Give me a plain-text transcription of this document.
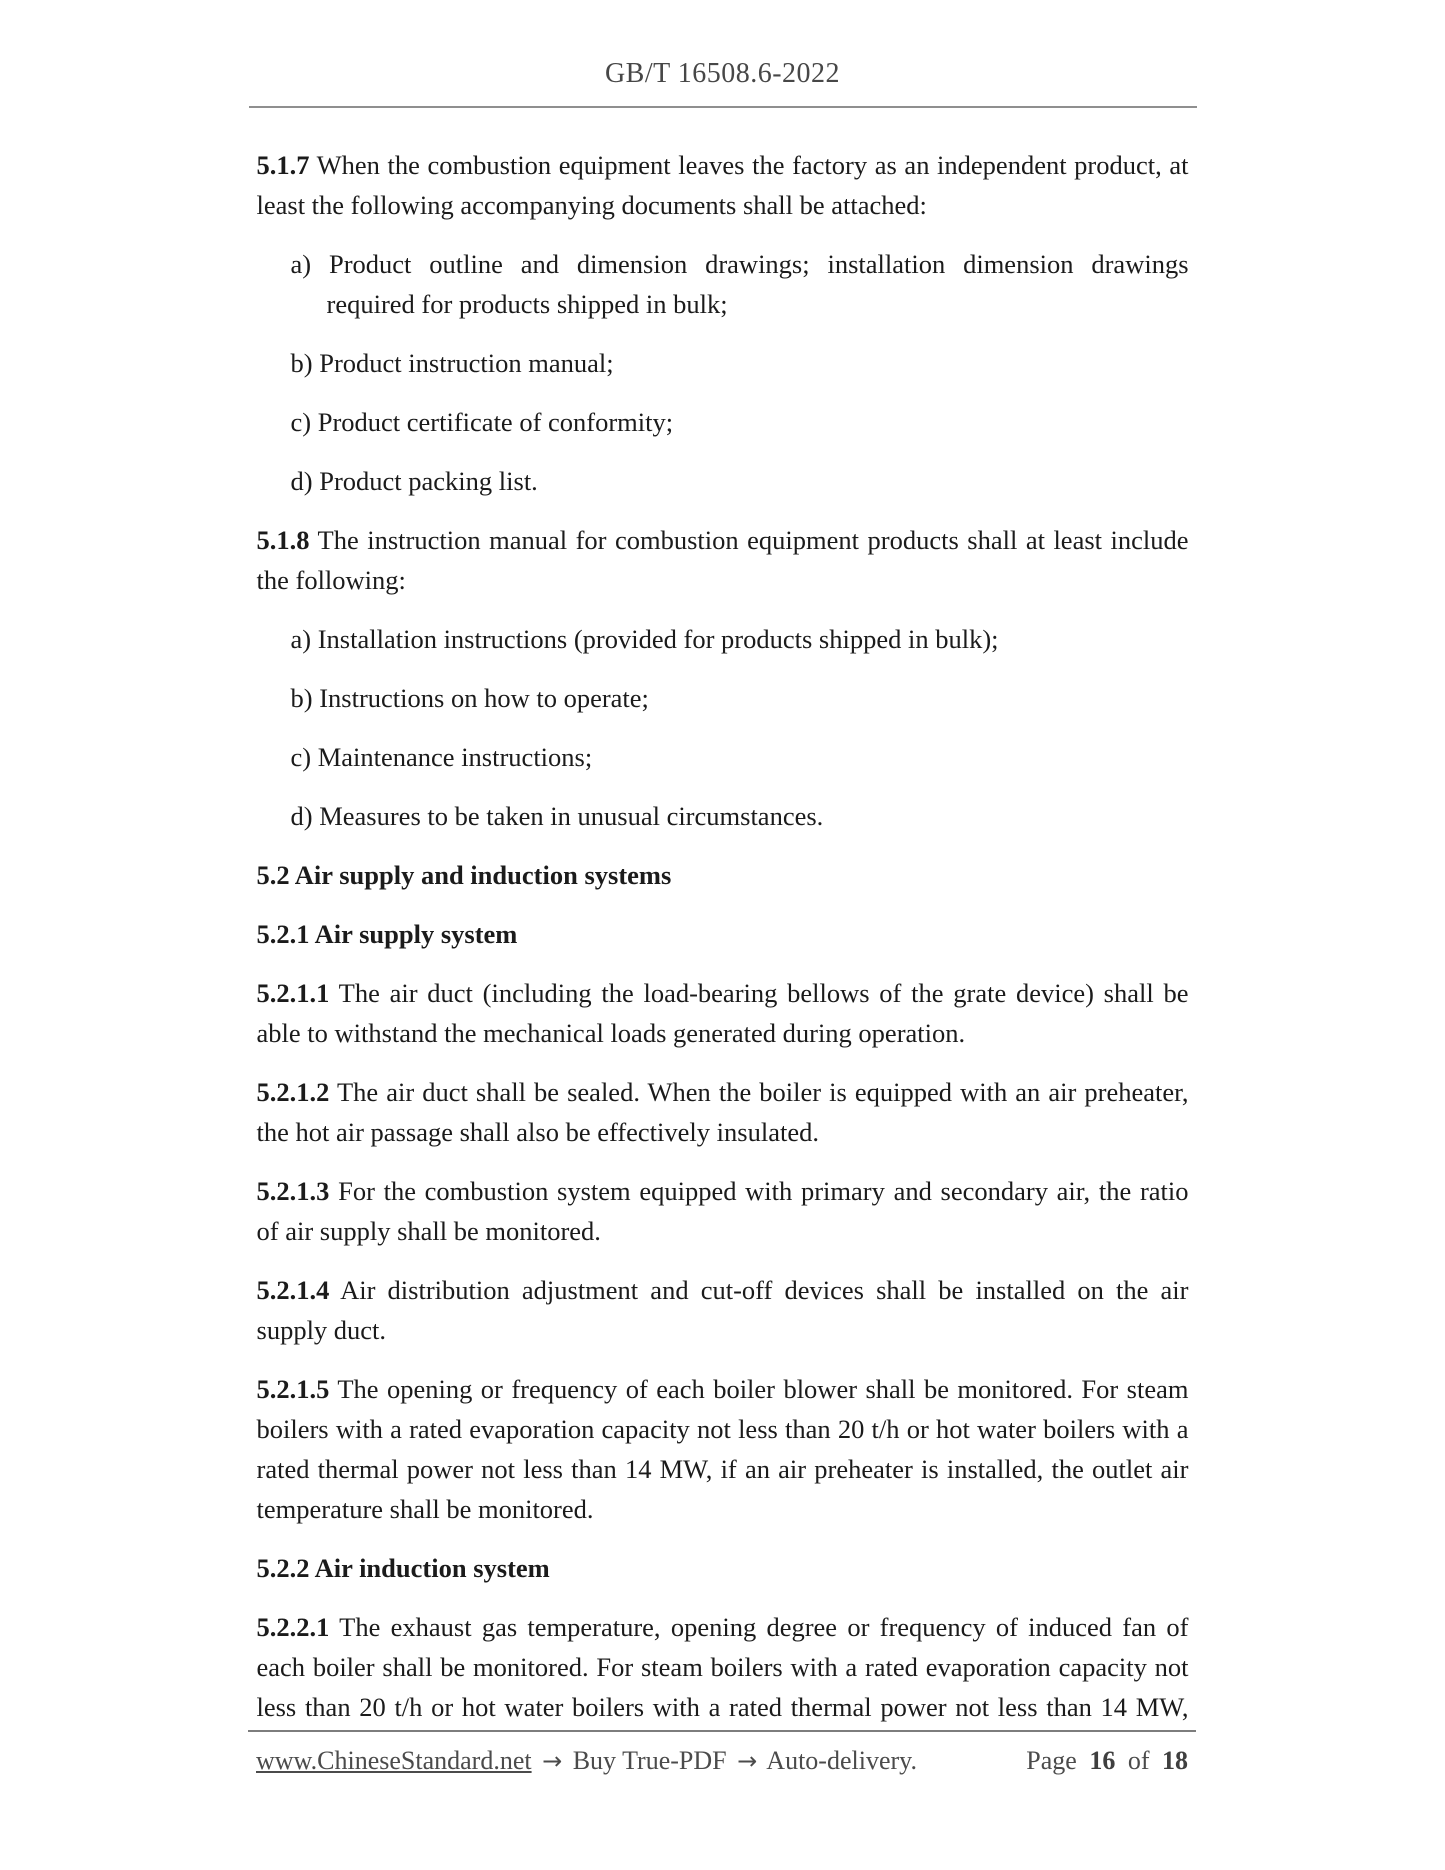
GB/T 16508.6-2022

5.1.7 When the combustion equipment leaves the factory as an independent product, at least the following accompanying documents shall be attached:

a) Product outline and dimension drawings; installation dimension drawings required for products shipped in bulk;

b) Product instruction manual;

c) Product certificate of conformity;

d) Product packing list.

5.1.8 The instruction manual for combustion equipment products shall at least include the following:

a) Installation instructions (provided for products shipped in bulk);

b) Instructions on how to operate;

c) Maintenance instructions;

d) Measures to be taken in unusual circumstances.

5.2 Air supply and induction systems
5.2.1 Air supply system

5.2.1.1 The air duct (including the load-bearing bellows of the grate device) shall be able to withstand the mechanical loads generated during operation.

5.2.1.2 The air duct shall be sealed. When the boiler is equipped with an air preheater, the hot air passage shall also be effectively insulated.

5.2.1.3 For the combustion system equipped with primary and secondary air, the ratio of air supply shall be monitored.

5.2.1.4 Air distribution adjustment and cut-off devices shall be installed on the air supply duct.

5.2.1.5 The opening or frequency of each boiler blower shall be monitored. For steam boilers with a rated evaporation capacity not less than 20 t/h or hot water boilers with a rated thermal power not less than 14 MW, if an air preheater is installed, the outlet air temperature shall be monitored.

5.2.2 Air induction system

5.2.2.1 The exhaust gas temperature, opening degree or frequency of induced fan of each boiler shall be monitored. For steam boilers with a rated evaporation capacity not less than 20 t/h or hot water boilers with a rated thermal power not less than 14 MW,

www.ChineseStandard.net → Buy True-PDF → Auto-delivery.	Page 16 of 18
